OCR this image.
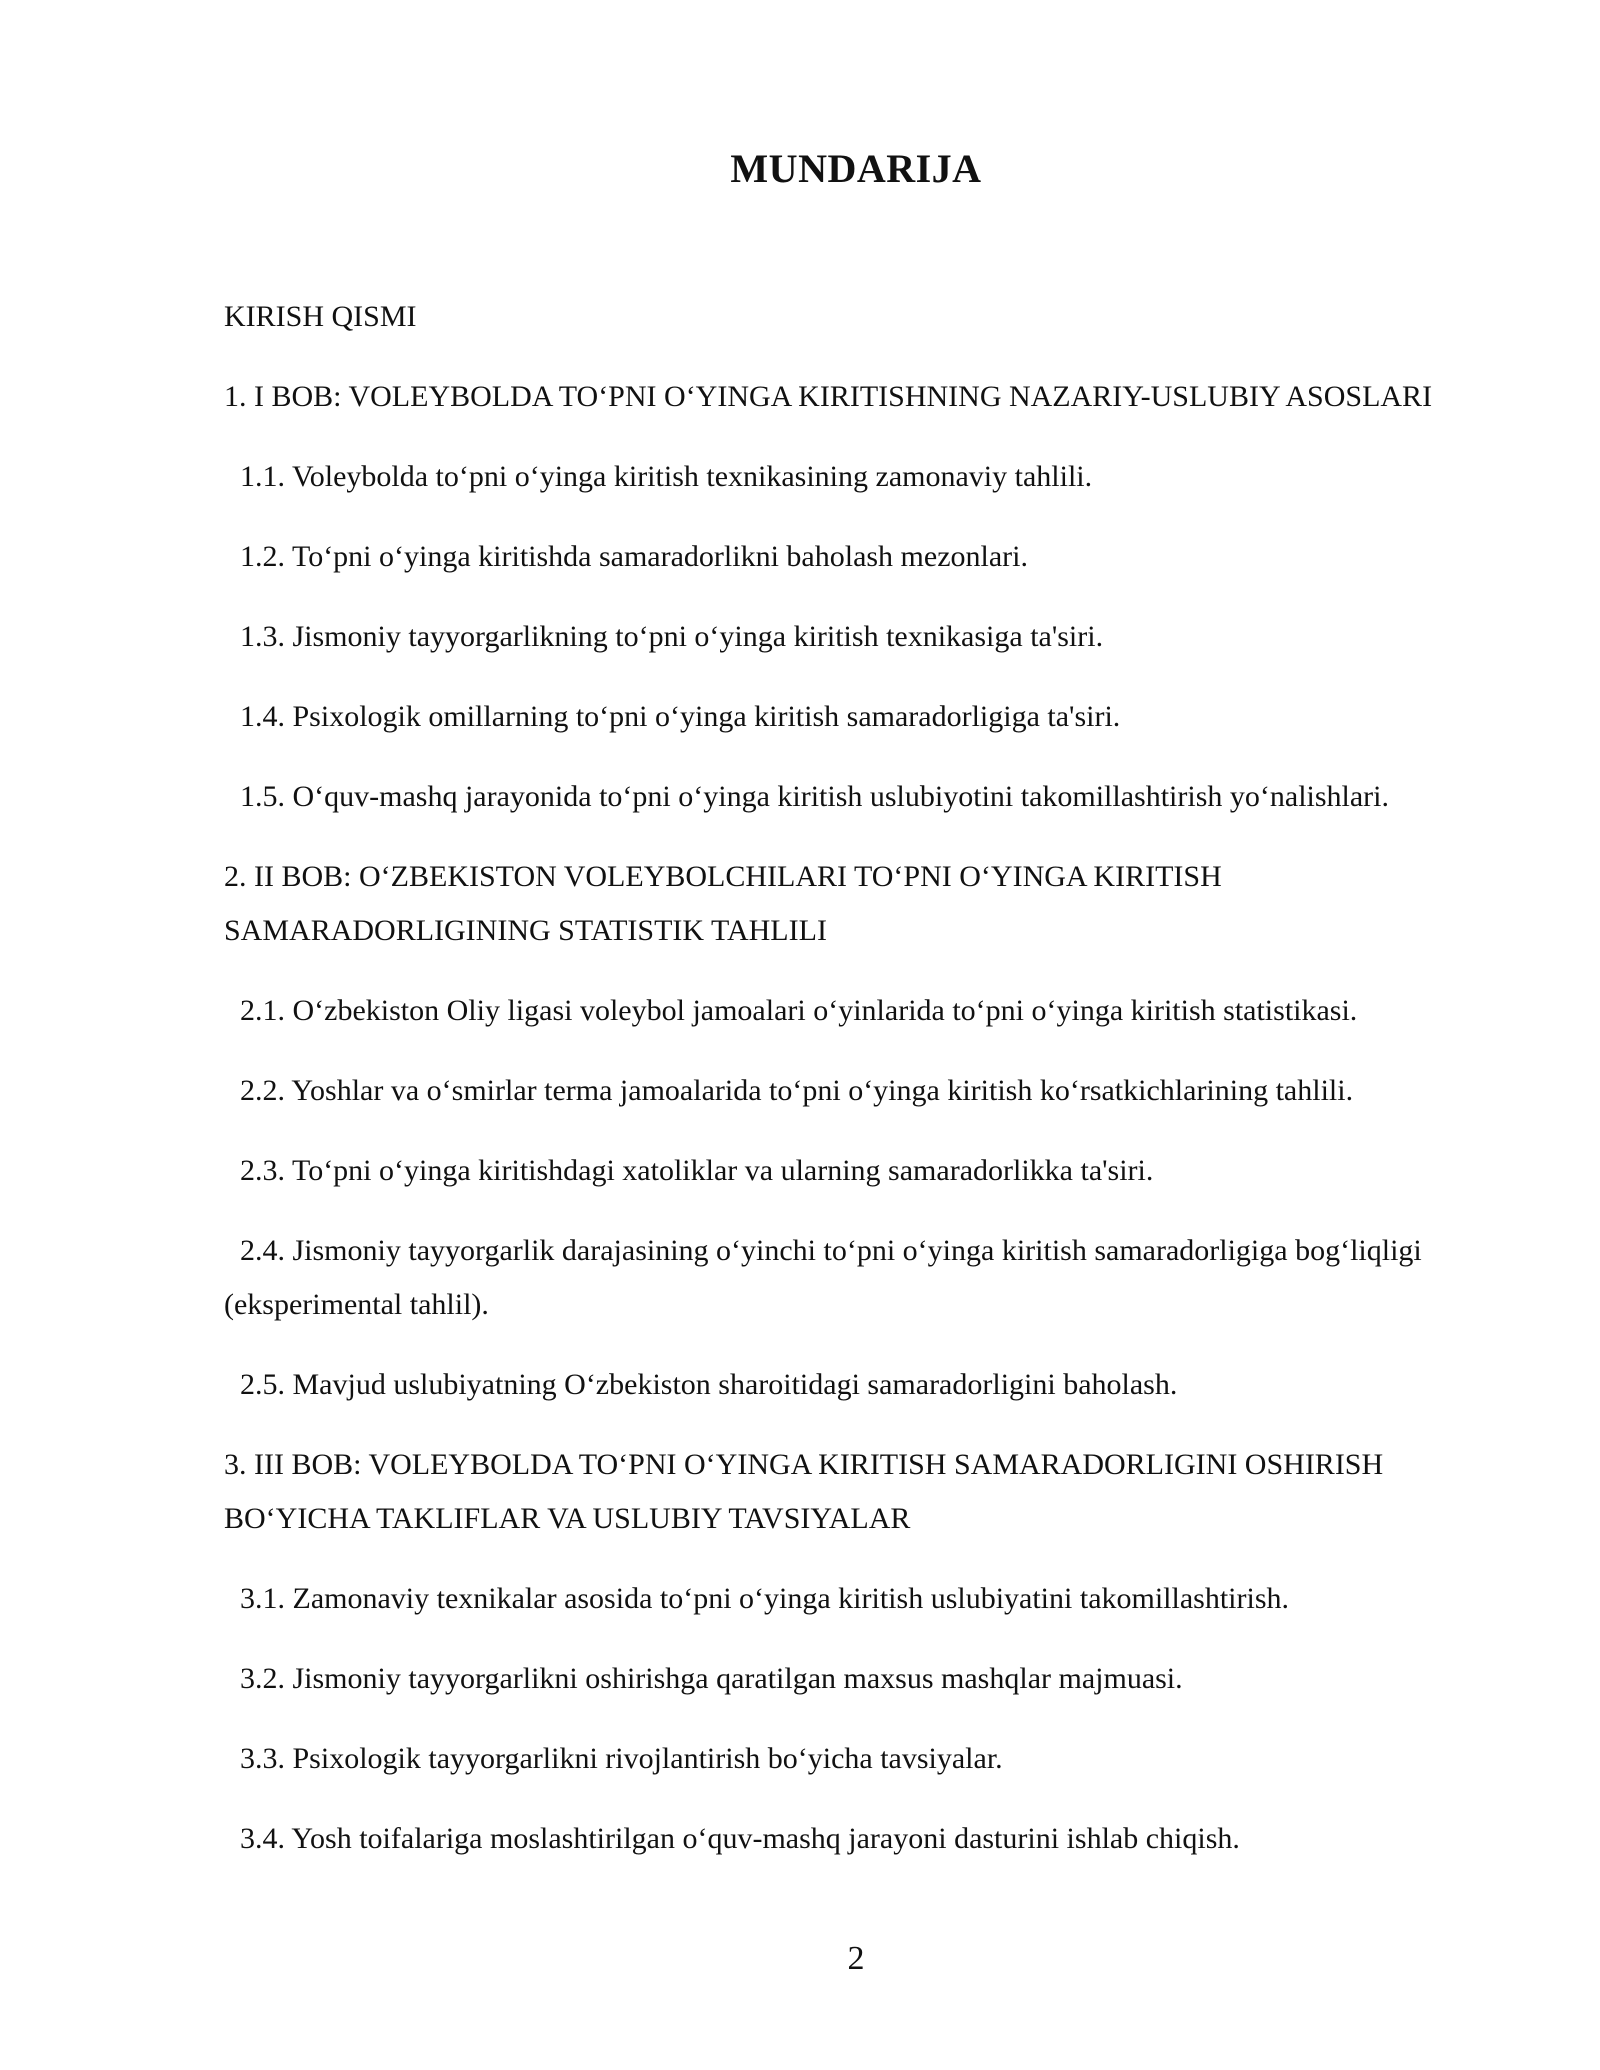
MUNDARIJA
KIRISH QISMI
1. I BOB: VOLEYBOLDA TO‘PNI O‘YINGA KIRITISHNING NAZARIY-USLUBIY ASOSLARI
1.1. Voleybolda to‘pni o‘yinga kiritish texnikasining zamonaviy tahlili.
1.2. To‘pni o‘yinga kiritishda samaradorlikni baholash mezonlari.
1.3. Jismoniy tayyorgarlikning to‘pni o‘yinga kiritish texnikasiga ta'siri.
1.4. Psixologik omillarning to‘pni o‘yinga kiritish samaradorligiga ta'siri.
1.5. O‘quv-mashq jarayonida to‘pni o‘yinga kiritish uslubiyotini takomillashtirish yo‘nalishlari.
2. II BOB: O‘ZBEKISTON VOLEYBOLCHILARI TO‘PNI O‘YINGA KIRITISH SAMARADORLIGINING STATISTIK TAHLILI
2.1. O‘zbekiston Oliy ligasi voleybol jamoalari o‘yinlarida to‘pni o‘yinga kiritish statistikasi.
2.2. Yoshlar va o‘smirlar terma jamoalarida to‘pni o‘yinga kiritish ko‘rsatkichlarining tahlili.
2.3. To‘pni o‘yinga kiritishdagi xatoliklar va ularning samaradorlikka ta'siri.
2.4. Jismoniy tayyorgarlik darajasining o‘yinchi to‘pni o‘yinga kiritish samaradorligiga bog‘liqligi (eksperimental tahlil).
2.5. Mavjud uslubiyatning O‘zbekiston sharoitidagi samaradorligini baholash.
3. III BOB: VOLEYBOLDA TO‘PNI O‘YINGA KIRITISH SAMARADORLIGINI OSHIRISH BO‘YICHA TAKLIFLAR VA USLUBIY TAVSIYALAR
3.1. Zamonaviy texnikalar asosida to‘pni o‘yinga kiritish uslubiyatini takomillashtirish.
3.2. Jismoniy tayyorgarlikni oshirishga qaratilgan maxsus mashqlar majmuasi.
3.3. Psixologik tayyorgarlikni rivojlantirish bo‘yicha tavsiyalar.
3.4. Yosh toifalariga moslashtirilgan o‘quv-mashq jarayoni dasturini ishlab chiqish.
2
